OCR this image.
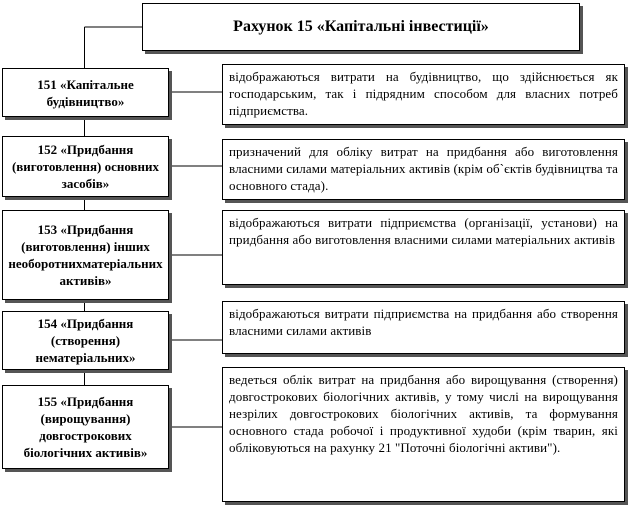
Рахунок 15 «Капітальні інвестиції»
151 «Капітальне будівництво»
відображаються витрати на будівництво, що здійснюється як господарським, так і підрядним способом для власних потреб підприємства.
152 «Придбання (виготовлення) основних засобів»
призначений для обліку витрат на придбання або виготовлення власними силами матеріальних активів (крім об`єктів будівництва та основного стада).
153 «Придбання (виготовлення) інших необоротнихматеріальних активів»
відображаються витрати підприємства (організації, установи) на придбання або виготовлення власними силами матеріальних активів
154 «Придбання (створення) нематеріальних»
відображаються витрати підприємства на придбання або створення власними силами активів
155 «Придбання (вирощування) довгострокових біологічних активів»
ведеться облік витрат на придбання або вирощування (створення) довгострокових біологічних активів, у тому числі на вирощування незрілих довгострокових біологічних активів, та формування основного стада робочої і продуктивної худоби (крім тварин, які обліковуються на рахунку 21 "Поточні біологічні активи").
